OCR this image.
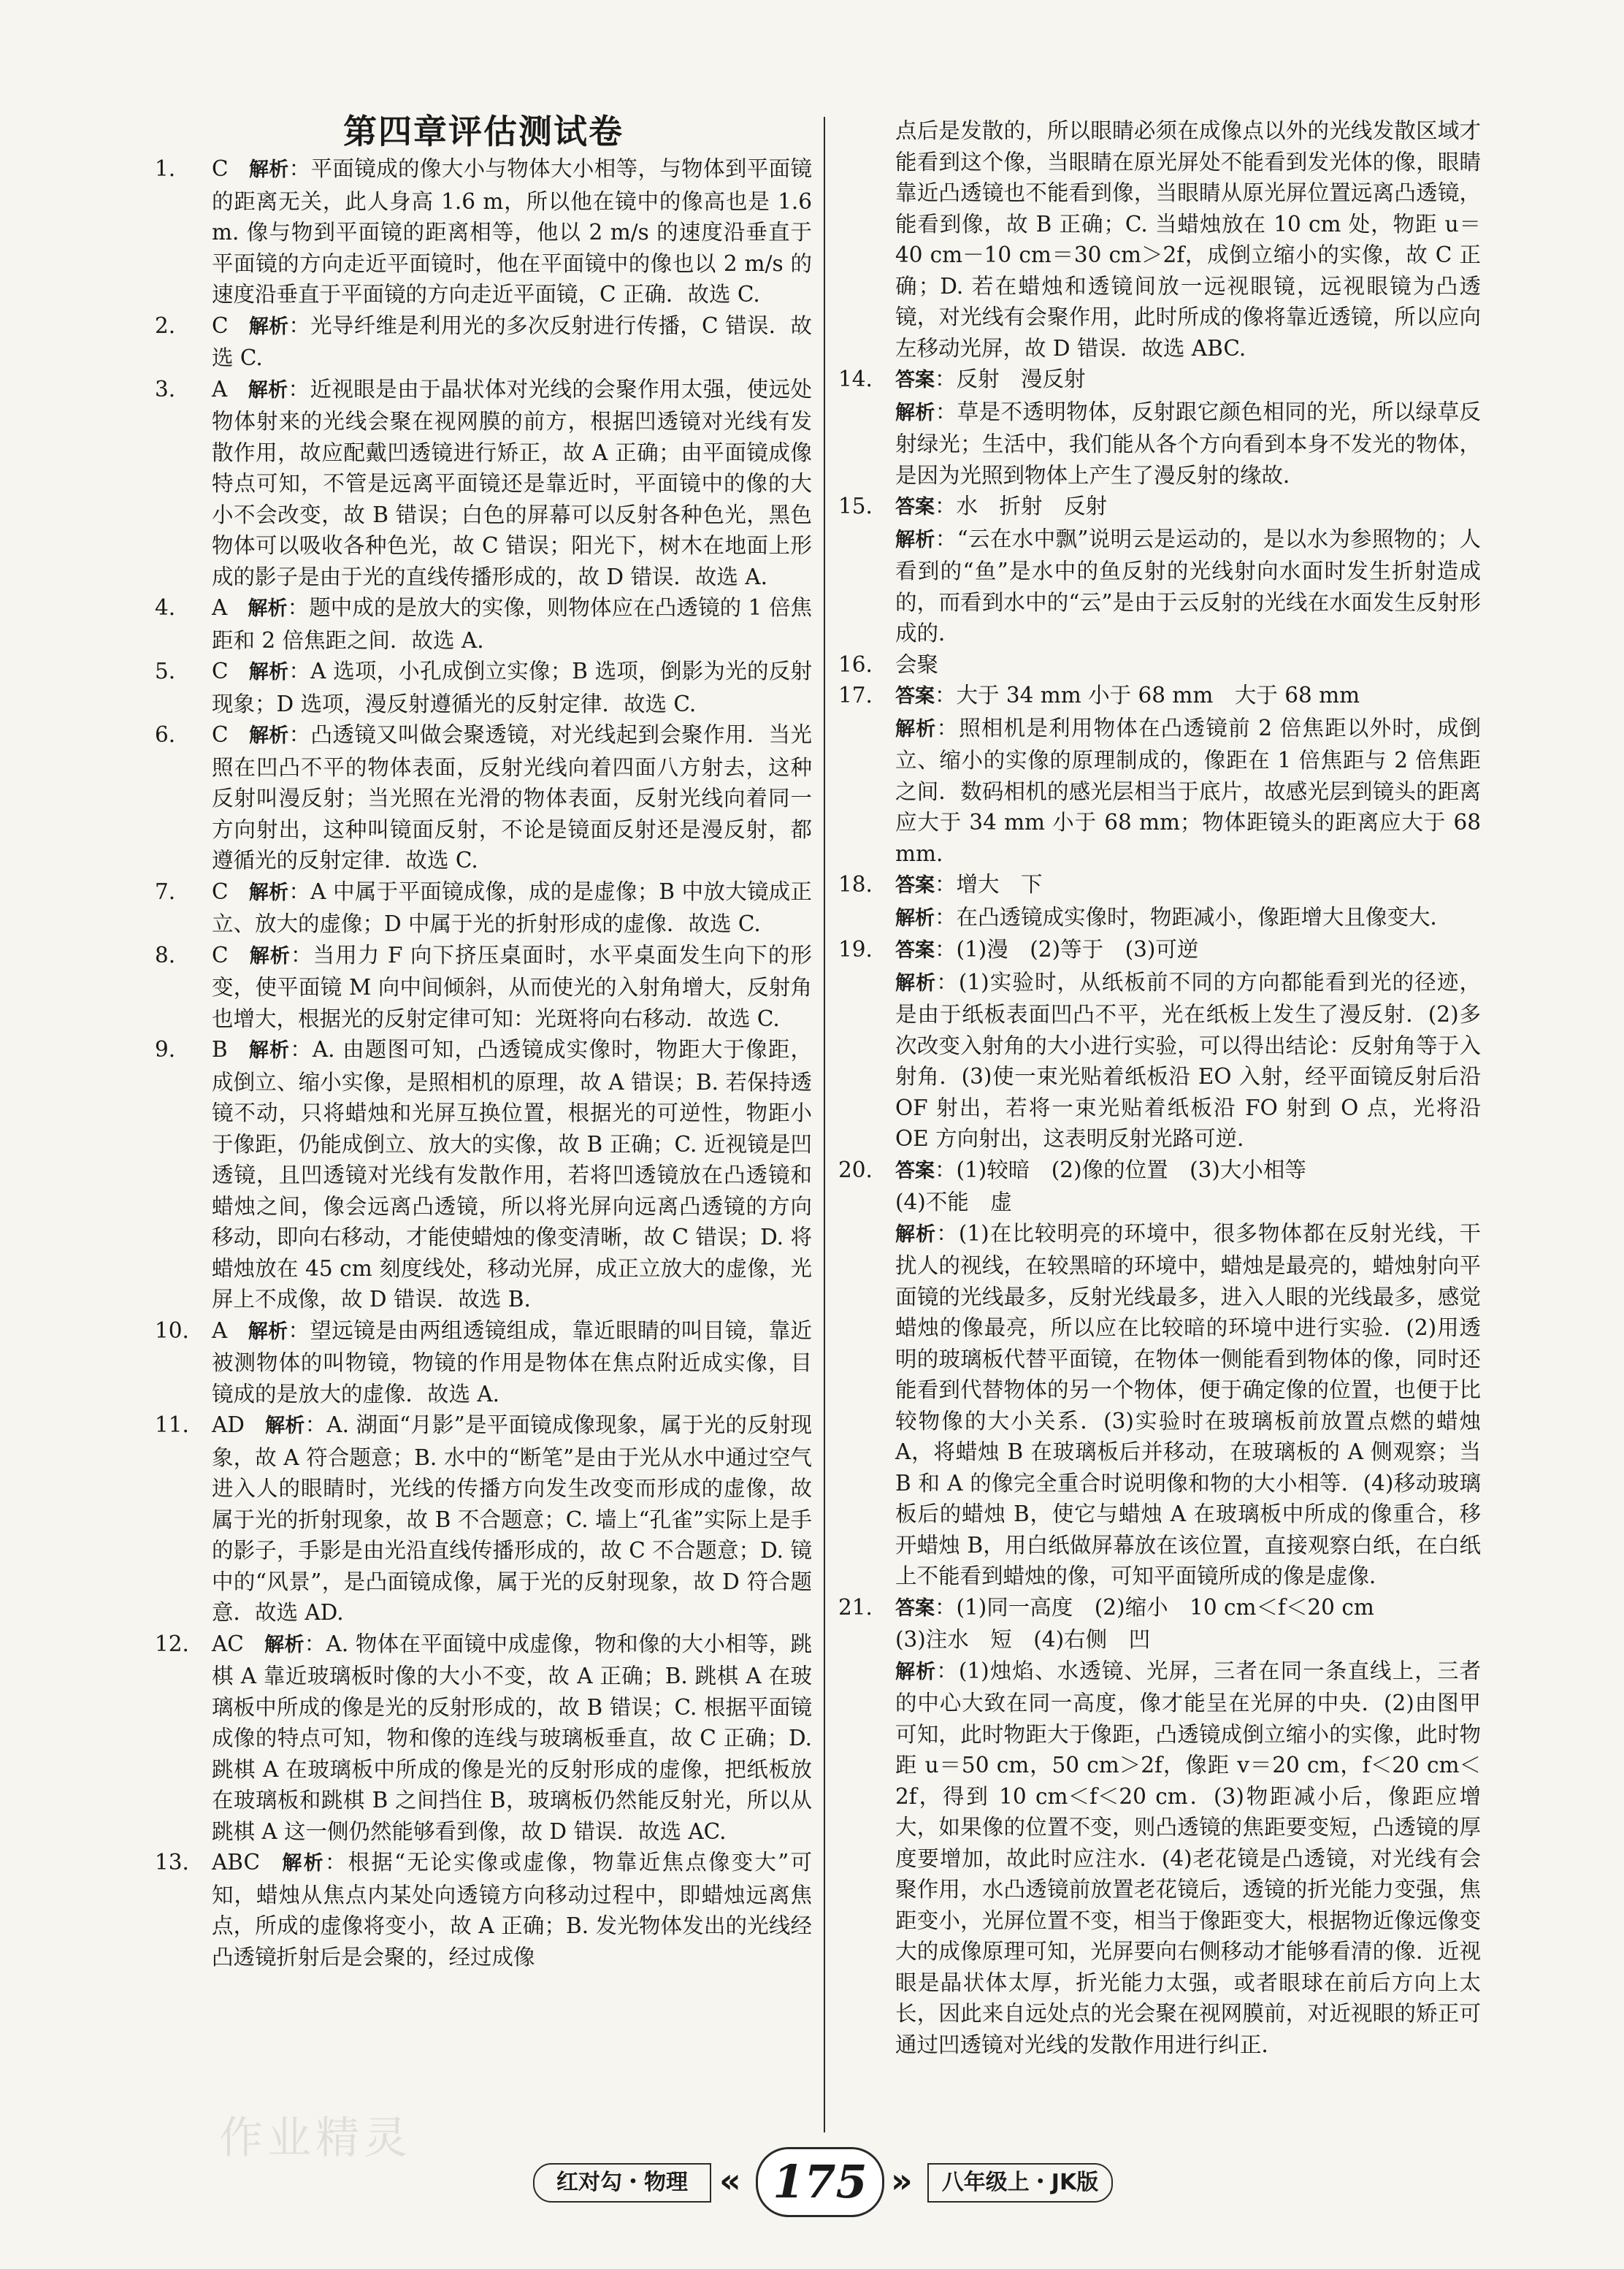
第四章评估测试卷

1.	C 解析：平面镜成的像大小与物体大小相等，与物体到平面镜的距离无关，此人身高 1.6 m，所以他在镜中的像高也是 1.6 m. 像与物到平面镜的距离相等，他以 2 m/s 的速度沿垂直于平面镜的方向走近平面镜时，他在平面镜中的像也以 2 m/s 的速度沿垂直于平面镜的方向走近平面镜，C 正确．故选 C.

2.	C 解析：光导纤维是利用光的多次反射进行传播，C 错误．故选 C.

3.	A 解析：近视眼是由于晶状体对光线的会聚作用太强，使远处物体射来的光线会聚在视网膜的前方，根据凹透镜对光线有发散作用，故应配戴凹透镜进行矫正，故 A 正确；由平面镜成像特点可知，不管是远离平面镜还是靠近时，平面镜中的像的大小不会改变，故 B 错误；白色的屏幕可以反射各种色光，黑色物体可以吸收各种色光，故 C 错误；阳光下，树木在地面上形成的影子是由于光的直线传播形成的，故 D 错误．故选 A.

4.	A 解析：题中成的是放大的实像，则物体应在凸透镜的 1 倍焦距和 2 倍焦距之间．故选 A.

5.	C 解析：A 选项，小孔成倒立实像；B 选项，倒影为光的反射现象；D 选项，漫反射遵循光的反射定律．故选 C.

6.	C 解析：凸透镜又叫做会聚透镜，对光线起到会聚作用．当光照在凹凸不平的物体表面，反射光线向着四面八方射去，这种反射叫漫反射；当光照在光滑的物体表面，反射光线向着同一方向射出，这种叫镜面反射，不论是镜面反射还是漫反射，都遵循光的反射定律．故选 C.

7.	C 解析：A 中属于平面镜成像，成的是虚像；B 中放大镜成正立、放大的虚像；D 中属于光的折射形成的虚像．故选 C.

8.	C 解析：当用力 F 向下挤压桌面时，水平桌面发生向下的形变，使平面镜 M 向中间倾斜，从而使光的入射角增大，反射角也增大，根据光的反射定律可知：光斑将向右移动．故选 C.

9.	B 解析：A. 由题图可知，凸透镜成实像时，物距大于像距，成倒立、缩小实像，是照相机的原理，故 A 错误；B. 若保持透镜不动，只将蜡烛和光屏互换位置，根据光的可逆性，物距小于像距，仍能成倒立、放大的实像，故 B 正确；C. 近视镜是凹透镜，且凹透镜对光线有发散作用，若将凹透镜放在凸透镜和蜡烛之间，像会远离凸透镜，所以将光屏向远离凸透镜的方向移动，即向右移动，才能使蜡烛的像变清晰，故 C 错误；D. 将蜡烛放在 45 cm 刻度线处，移动光屏，成正立放大的虚像，光屏上不成像，故 D 错误．故选 B.

10.	A 解析：望远镜是由两组透镜组成，靠近眼睛的叫目镜，靠近被测物体的叫物镜，物镜的作用是物体在焦点附近成实像，目镜成的是放大的虚像．故选 A.

11.	AD 解析：A. 湖面“月影”是平面镜成像现象，属于光的反射现象，故 A 符合题意；B. 水中的“断笔”是由于光从水中通过空气进入人的眼睛时，光线的传播方向发生改变而形成的虚像，故属于光的折射现象，故 B 不合题意；C. 墙上“孔雀”实际上是手的影子，手影是由光沿直线传播形成的，故 C 不合题意；D. 镜中的“风景”，是凸面镜成像，属于光的反射现象，故 D 符合题意．故选 AD.

12.	AC 解析：A. 物体在平面镜中成虚像，物和像的大小相等，跳棋 A 靠近玻璃板时像的大小不变，故 A 正确；B. 跳棋 A 在玻璃板中所成的像是光的反射形成的，故 B 错误；C. 根据平面镜成像的特点可知，物和像的连线与玻璃板垂直，故 C 正确；D. 跳棋 A 在玻璃板中所成的像是光的反射形成的虚像，把纸板放在玻璃板和跳棋 B 之间挡住 B，玻璃板仍然能反射光，所以从跳棋 A 这一侧仍然能够看到像，故 D 错误．故选 AC.

13.	ABC 解析：根据“无论实像或虚像，物靠近焦点像变大”可知，蜡烛从焦点内某处向透镜方向移动过程中，即蜡烛远离焦点，所成的虚像将变小，故 A 正确；B. 发光物体发出的光线经凸透镜折射后是会聚的，经过成像

点后是发散的，所以眼睛必须在成像点以外的光线发散区域才能看到这个像，当眼睛在原光屏处不能看到发光体的像，眼睛靠近凸透镜也不能看到像，当眼睛从原光屏位置远离凸透镜，能看到像，故 B 正确；C. 当蜡烛放在 10 cm 处，物距 u＝40 cm－10 cm＝30 cm＞2f，成倒立缩小的实像，故 C 正确；D. 若在蜡烛和透镜间放一远视眼镜，远视眼镜为凸透镜，对光线有会聚作用，此时所成的像将靠近透镜，所以应向左移动光屏，故 D 错误．故选 ABC.

14.	答案：反射　漫反射
解析：草是不透明物体，反射跟它颜色相同的光，所以绿草反射绿光；生活中，我们能从各个方向看到本身不发光的物体，是因为光照到物体上产生了漫反射的缘故．

15.	答案：水　折射　反射
解析：“云在水中飘”说明云是运动的，是以水为参照物的；人看到的“鱼”是水中的鱼反射的光线射向水面时发生折射造成的，而看到水中的“云”是由于云反射的光线在水面发生反射形成的．

16.	会聚

17.	答案：大于 34 mm 小于 68 mm　大于 68 mm
解析：照相机是利用物体在凸透镜前 2 倍焦距以外时，成倒立、缩小的实像的原理制成的，像距在 1 倍焦距与 2 倍焦距之间．数码相机的感光层相当于底片，故感光层到镜头的距离应大于 34 mm 小于 68 mm；物体距镜头的距离应大于 68 mm.

18.	答案：增大　下
解析：在凸透镜成实像时，物距减小，像距增大且像变大．

19.	答案：(1)漫　(2)等于　(3)可逆
解析：(1)实验时，从纸板前不同的方向都能看到光的径迹，是由于纸板表面凹凸不平，光在纸板上发生了漫反射．(2)多次改变入射角的大小进行实验，可以得出结论：反射角等于入射角．(3)使一束光贴着纸板沿 EO 入射，经平面镜反射后沿 OF 射出，若将一束光贴着纸板沿 FO 射到 O 点，光将沿 OE 方向射出，这表明反射光路可逆．

20.	答案：(1)较暗　(2)像的位置　(3)大小相等
(4)不能　虚
解析：(1)在比较明亮的环境中，很多物体都在反射光线，干扰人的视线，在较黑暗的环境中，蜡烛是最亮的，蜡烛射向平面镜的光线最多，反射光线最多，进入人眼的光线最多，感觉蜡烛的像最亮，所以应在比较暗的环境中进行实验．(2)用透明的玻璃板代替平面镜，在物体一侧能看到物体的像，同时还能看到代替物体的另一个物体，便于确定像的位置，也便于比较物像的大小关系．(3)实验时在玻璃板前放置点燃的蜡烛 A，将蜡烛 B 在玻璃板后并移动，在玻璃板的 A 侧观察；当 B 和 A 的像完全重合时说明像和物的大小相等．(4)移动玻璃板后的蜡烛 B，使它与蜡烛 A 在玻璃板中所成的像重合，移开蜡烛 B，用白纸做屏幕放在该位置，直接观察白纸，在白纸上不能看到蜡烛的像，可知平面镜所成的像是虚像．

21.	答案：(1)同一高度　(2)缩小　10 cm＜f＜20 cm
(3)注水　短　(4)右侧　凹
解析：(1)烛焰、水透镜、光屏，三者在同一条直线上，三者的中心大致在同一高度，像才能呈在光屏的中央．(2)由图甲可知，此时物距大于像距，凸透镜成倒立缩小的实像，此时物距 u＝50 cm，50 cm＞2f，像距 v＝20 cm，f＜20 cm＜2f，得到 10 cm＜f＜20 cm．(3)物距减小后，像距应增大，如果像的位置不变，则凸透镜的焦距要变短，凸透镜的厚度要增加，故此时应注水．(4)老花镜是凸透镜，对光线有会聚作用，水凸透镜前放置老花镜后，透镜的折光能力变强，焦距变小，光屏位置不变，相当于像距变大，根据物近像远像变大的成像原理可知，光屏要向右侧移动才能够看清的像．近视眼是晶状体太厚，折光能力太强，或者眼球在前后方向上太长，因此来自远处点的光会聚在视网膜前，对近视眼的矫正可通过凹透镜对光线的发散作用进行纠正．

作业精灵
红对勾・物理 « 175 »	八年级上・JK版
